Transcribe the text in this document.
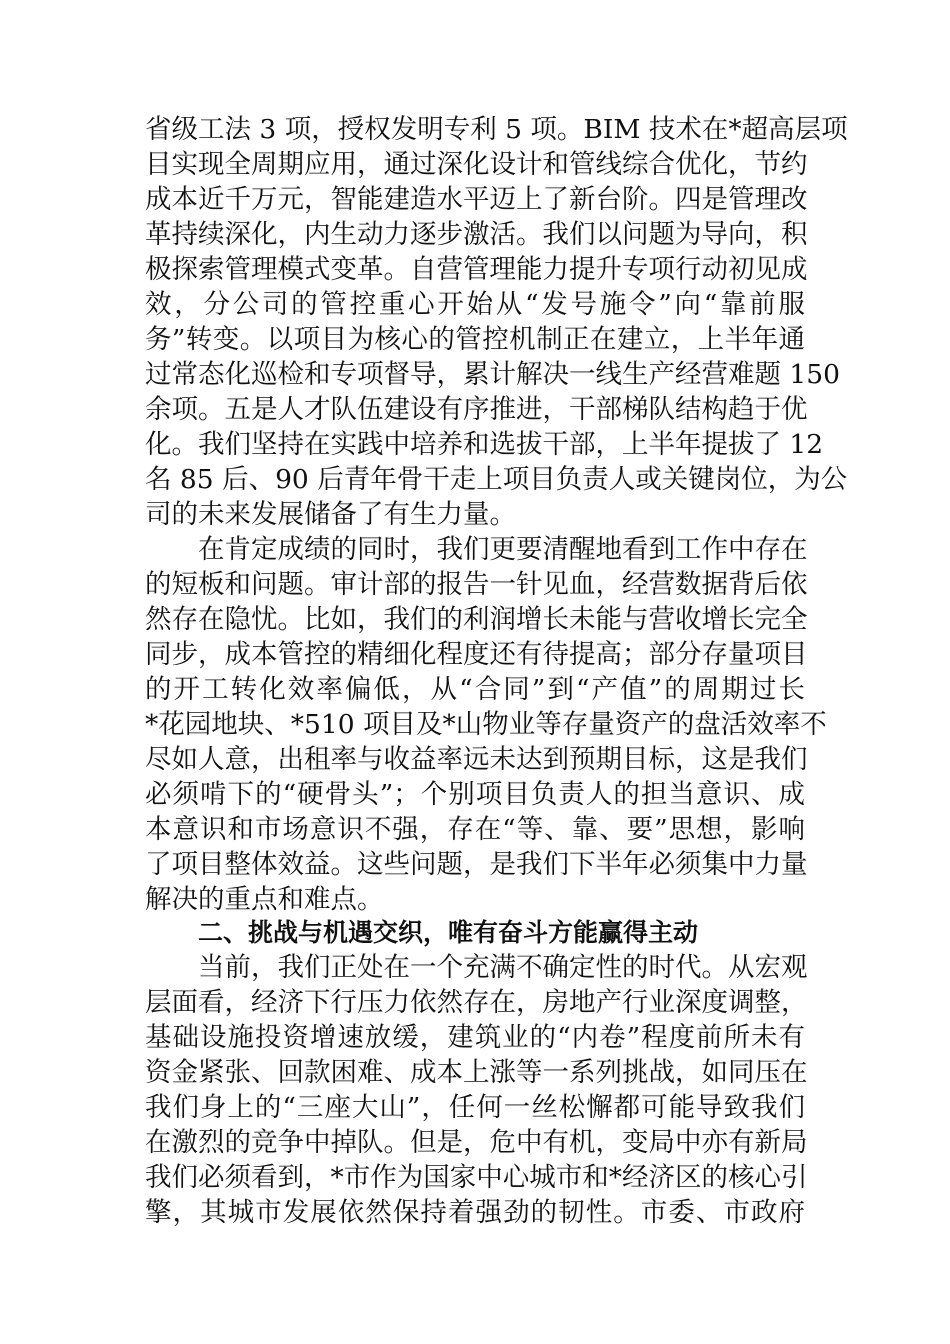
省级工法 3 项，授权发明专利 5 项。BIM 技术在*超高层项
目实现全周期应用，通过深化设计和管线综合优化，节约
成本近千万元，智能建造水平迈上了新台阶。四是管理改
革持续深化，内生动力逐步激活。我们以问题为导向，积
极探索管理模式变革。自营管理能力提升专项行动初见成
效，分公司的管控重心开始从“发号施令”向“靠前服
务”转变。以项目为核心的管控机制正在建立，上半年通
过常态化巡检和专项督导，累计解决一线生产经营难题 150
余项。五是人才队伍建设有序推进，干部梯队结构趋于优
化。我们坚持在实践中培养和选拔干部，上半年提拔了 12
名 85 后、90 后青年骨干走上项目负责人或关键岗位，为公
司的未来发展储备了有生力量。
在肯定成绩的同时，我们更要清醒地看到工作中存在
的短板和问题。审计部的报告一针见血，经营数据背后依
然存在隐忧。比如，我们的利润增长未能与营收增长完全
同步，成本管控的精细化程度还有待提高；部分存量项目
的开工转化效率偏低，从“合同”到“产值”的周期过长
*花园地块、*510 项目及*山物业等存量资产的盘活效率不
尽如人意，出租率与收益率远未达到预期目标，这是我们
必须啃下的“硬骨头”；个别项目负责人的担当意识、成
本意识和市场意识不强，存在“等、靠、要”思想，影响
了项目整体效益。这些问题，是我们下半年必须集中力量
解决的重点和难点。
二、挑战与机遇交织，唯有奋斗方能赢得主动
当前，我们正处在一个充满不确定性的时代。从宏观
层面看，经济下行压力依然存在，房地产行业深度调整，
基础设施投资增速放缓，建筑业的“内卷”程度前所未有
资金紧张、回款困难、成本上涨等一系列挑战，如同压在
我们身上的“三座大山”，任何一丝松懈都可能导致我们
在激烈的竞争中掉队。但是，危中有机，变局中亦有新局
我们必须看到，*市作为国家中心城市和*经济区的核心引
擎，其城市发展依然保持着强劲的韧性。市委、市政府
